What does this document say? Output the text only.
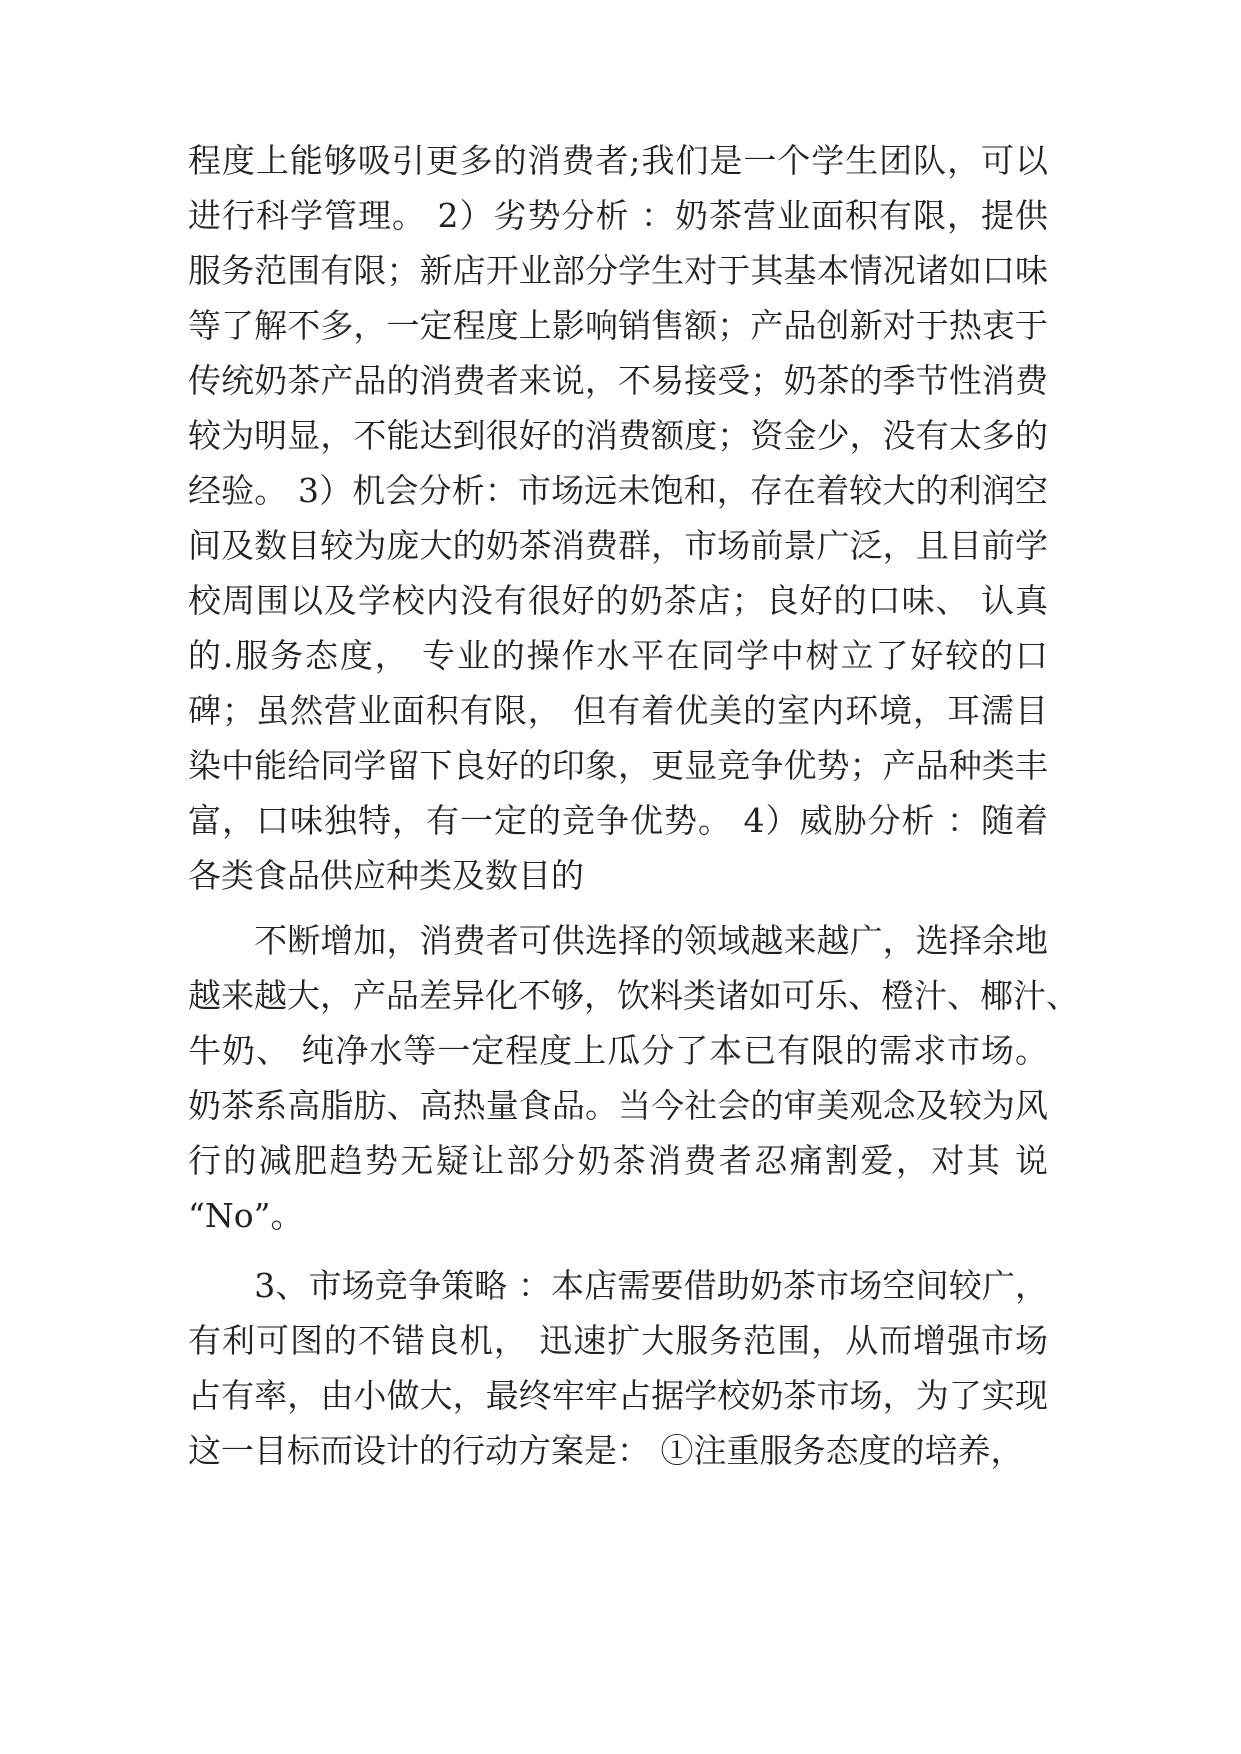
程度上能够吸引更多的消费者;我们是一个学生团队，可以
进行科学管理。 2）劣势分析 ：奶茶营业面积有限，提供
服务范围有限；新店开业部分学生对于其基本情况诸如口味
等了解不多，一定程度上影响销售额；产品创新对于热衷于
传统奶茶产品的消费者来说，不易接受；奶茶的季节性消费
较为明显，不能达到很好的消费额度；资金少，没有太多的
经验。 3）机会分析：市场远未饱和，存在着较大的利润空
间及数目较为庞大的奶茶消费群，市场前景广泛，且目前学
校周围以及学校内没有很好的奶茶店；良好的口味、 认真
的.服务态度， 专业的操作水平在同学中树立了好较的口
碑；虽然营业面积有限， 但有着优美的室内环境，耳濡目
染中能给同学留下良好的印象，更显竞争优势；产品种类丰
富，口味独特，有一定的竞争优势。 4）威胁分析 ：随着
各类食品供应种类及数目的
　　不断增加，消费者可供选择的领域越来越广，选择余地
越来越大，产品差异化不够，饮料类诸如可乐、橙汁、椰汁、
牛奶、 纯净水等一定程度上瓜分了本已有限的需求市场。
奶茶系高脂肪、高热量食品。当今社会的审美观念及较为风
行的减肥趋势无疑让部分奶茶消费者忍痛割爱，对其 说
“No”。
　　3、市场竞争策略 ：本店需要借助奶茶市场空间较广，
有利可图的不错良机， 迅速扩大服务范围，从而增强市场
占有率，由小做大，最终牢牢占据学校奶茶市场，为了实现
这一目标而设计的行动方案是： ①注重服务态度的培养，
